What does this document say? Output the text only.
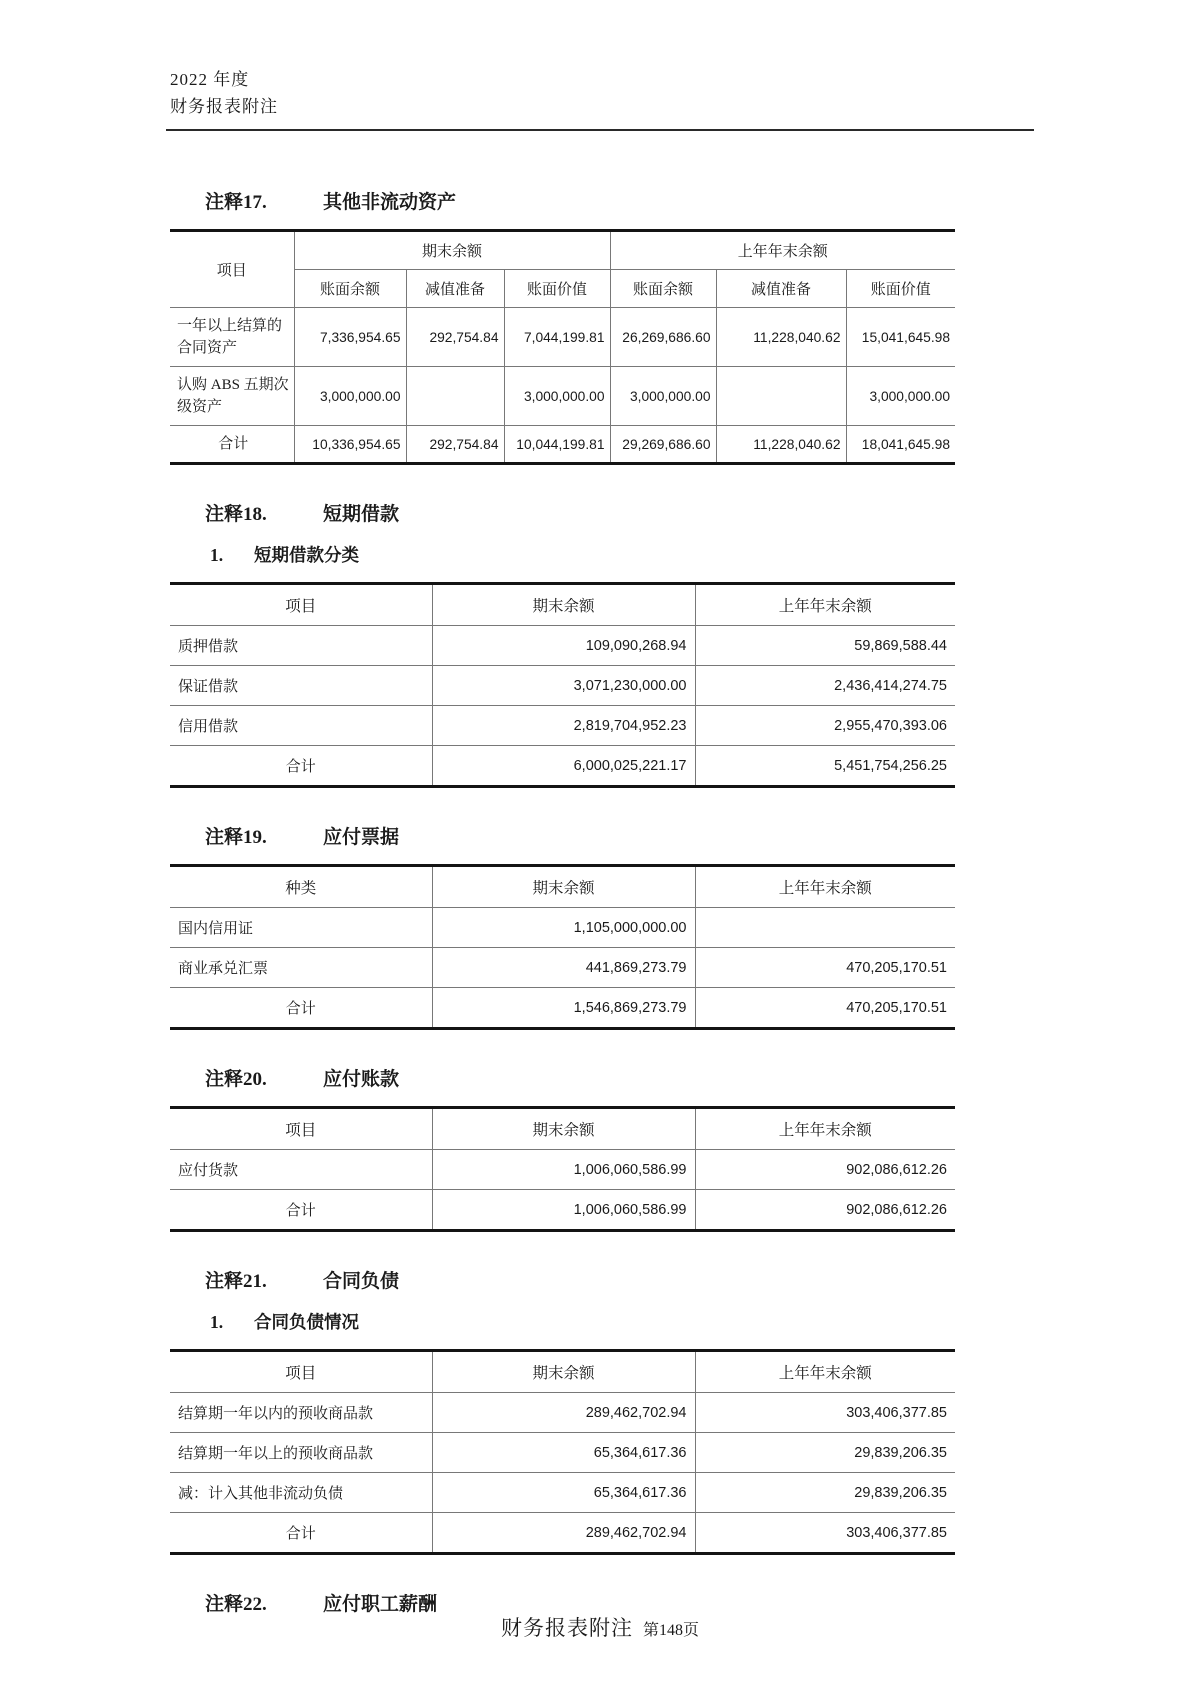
2022 年度
财务报表附注
注释17.	其他非流动资产
项目	期末余额			上年年末余额		
	账面余额	减值准备	账面价值	账面余额	减值准备	账面价值
一年以上结算的合同资产	7,336,954.65	292,754.84	7,044,199.81	26,269,686.60	11,228,040.62	15,041,645.98
认购 ABS 五期次级资产	3,000,000.00		3,000,000.00	3,000,000.00		3,000,000.00
合计	10,336,954.65	292,754.84	10,044,199.81	29,269,686.60	11,228,040.62	18,041,645.98
注释18.	短期借款
1. 短期借款分类
项目	期末余额	上年年末余额
质押借款	109,090,268.94	59,869,588.44
保证借款	3,071,230,000.00	2,436,414,274.75
信用借款	2,819,704,952.23	2,955,470,393.06
合计	6,000,025,221.17	5,451,754,256.25
注释19.	应付票据
种类	期末余额	上年年末余额
国内信用证	1,105,000,000.00	
商业承兑汇票	441,869,273.79	470,205,170.51
合计	1,546,869,273.79	470,205,170.51
注释20.	应付账款
项目	期末余额	上年年末余额
应付货款	1,006,060,586.99	902,086,612.26
合计	1,006,060,586.99	902,086,612.26
注释21.	合同负债
1. 合同负债情况
项目	期末余额	上年年末余额
结算期一年以内的预收商品款	289,462,702.94	303,406,377.85
结算期一年以上的预收商品款	65,364,617.36	29,839,206.35
减：计入其他非流动负债	65,364,617.36	29,839,206.35
合计	289,462,702.94	303,406,377.85
注释22.	应付职工薪酬
财务报表附注 第148页
